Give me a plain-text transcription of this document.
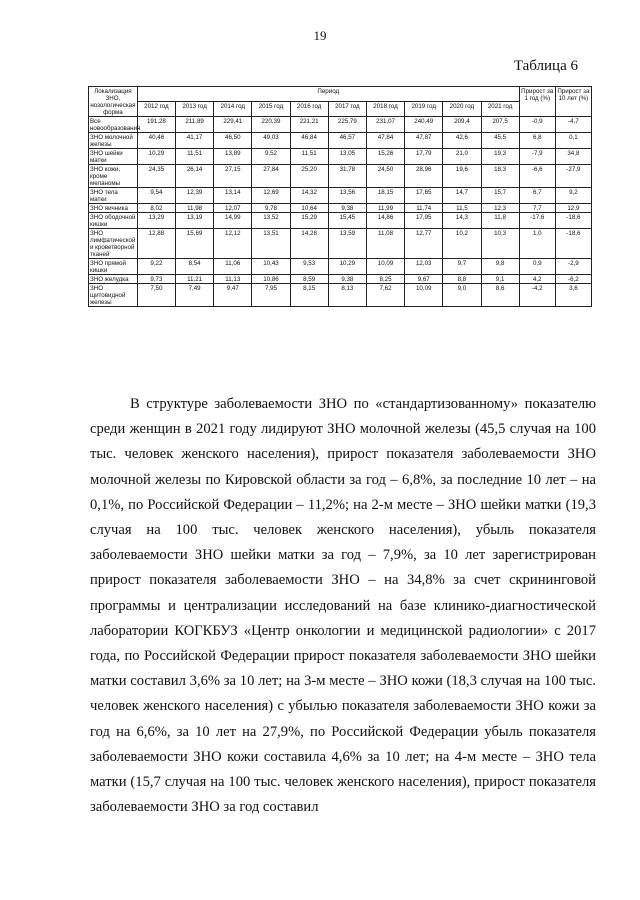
19
Таблица 6
Локализация ЗНО, нозологическая форма	Период										Прирост за 1 год (%)	Прирост за 10 лет (%)
	2012 год	2013 год	2014 год	2015 год	2016 год	2017 год	2018 год	2019 год	2020 год	2021 год		
Все новообразования	191,28	211,89	229,41	220,39	221,21	225,79	231,07	240,49	209,4	207,5	-0,9	-4,7
ЗНО молочной железы	40,46	41,17	46,50	49,03	46,84	46,57	47,84	47,87	42,6	45,5	6,8	0,1
ЗНО шейки матки	10,29	11,51	13,89	9,52	11,51	13,05	15,26	17,79	21,0	19,3	-7,9	34,8
ЗНО кожи, кроме меланомы	24,35	26,14	27,15	27,84	25,20	31,78	24,50	28,96	19,6	18,3	-6,6	-27,9
ЗНО тела матки	9,54	12,39	13,14	12,69	14,32	13,56	18,15	17,65	14,7	15,7	6,7	9,2
ЗНО яичника	8,02	11,98	12,07	9,78	10,64	9,38	11,99	11,74	11,5	12,3	7,7	12,9
ЗНО ободочной кишки	13,29	13,19	14,99	13,52	15,29	15,45	14,86	17,95	14,3	11,8	-17,6	-18,6
ЗНО лимфатической и кроветворной тканей	12,88	15,69	12,12	13,51	14,28	13,59	11,08	12,77	10,2	10,3	1,0	-18,6
ЗНО прямой кишки	9,22	8,54	11,06	10,43	9,53	10,29	10,09	12,03	9,7	9,8	0,9	-2,9
ЗНО желудка	9,73	11,21	11,13	10,86	8,59	9,38	8,25	9,67	8,8	9,1	4,2	-6,2
ЗНО щитовидной железы	7,50	7,49	9,47	7,95	8,15	8,13	7,62	10,09	9,0	8,6	-4,2	3,6

В структуре заболеваемости ЗНО по «стандартизованному» показателю среди женщин в 2021 году лидируют ЗНО молочной железы (45,5 случая на 100 тыс. человек женского населения), прирост показателя заболеваемости ЗНО молочной железы по Кировской области за год – 6,8%, за последние 10 лет – на 0,1%, по Российской Федерации – 11,2%; на 2-м месте – ЗНО шейки матки (19,3 случая на 100 тыс. человек женского населения), убыль показателя заболеваемости ЗНО шейки матки за год – 7,9%, за 10 лет зарегистрирован прирост показателя заболеваемости ЗНО – на 34,8% за счет скрининговой программы и централизации исследований на базе клинико-диагностической лаборатории КОГКБУЗ «Центр онкологии и медицинской радиологии» с 2017 года, по Российской Федерации прирост показателя заболеваемости ЗНО шейки матки составил 3,6% за 10 лет; на 3-м месте – ЗНО кожи (18,3 случая на 100 тыс. человек женского населения) с убылью показателя заболеваемости ЗНО кожи за год на 6,6%, за 10 лет на 27,9%, по Российской Федерации убыль показателя заболеваемости ЗНО кожи составила 4,6% за 10 лет; на 4-м месте – ЗНО тела матки (15,7 случая на 100 тыс. человек женского населения), прирост показателя заболеваемости ЗНО за год составил
